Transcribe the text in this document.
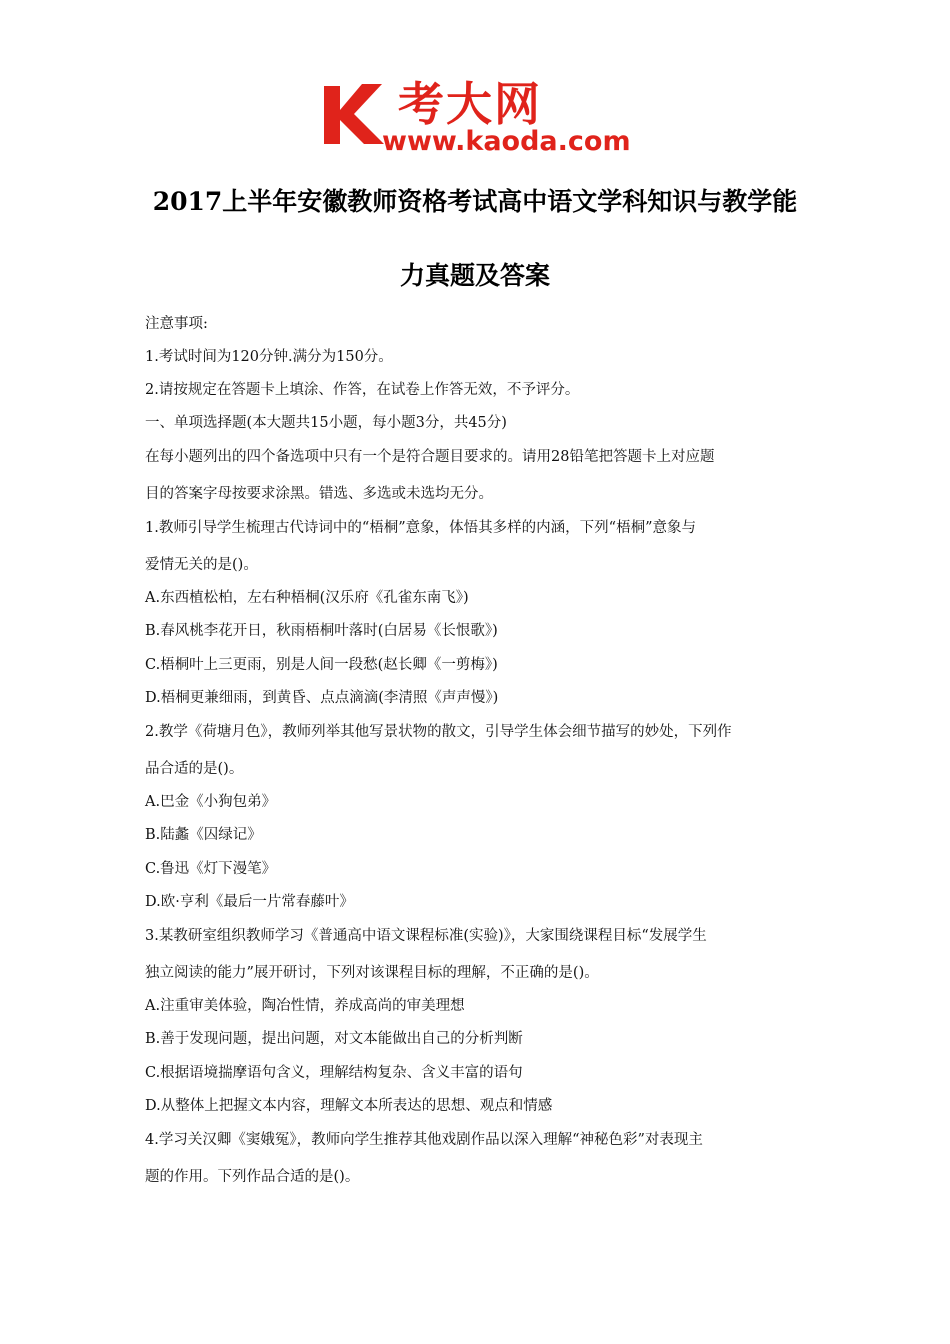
考大网
www.kaoda.com
2017上半年安徽教师资格考试高中语文学科知识与教学能
力真题及答案
注意事项:
1.考试时间为120分钟.满分为150分。
2.请按规定在答题卡上填涂、作答，在试卷上作答无效，不予评分。
一、单项选择题(本大题共15小题，每小题3分，共45分)
在每小题列出的四个备选项中只有一个是符合题目要求的。请用28铅笔把答题卡上对应题
目的答案字母按要求涂黑。错选、多选或未选均无分。
1.教师引导学生梳理古代诗词中的“梧桐”意象，体悟其多样的内涵，下列“梧桐”意象与
爱情无关的是()。
A.东西植松柏，左右种梧桐(汉乐府《孔雀东南飞》)
B.春风桃李花开日，秋雨梧桐叶落时(白居易《长恨歌》)
C.梧桐叶上三更雨，别是人间一段愁(赵长卿《一剪梅》)
D.梧桐更兼细雨，到黄昏、点点滴滴(李清照《声声慢》)
2.教学《荷塘月色》，教师列举其他写景状物的散文，引导学生体会细节描写的妙处，下列作
品合适的是()。
A.巴金《小狗包弟》
B.陆蠡《囚绿记》
C.鲁迅《灯下漫笔》
D.欧·亨利《最后一片常春藤叶》
3.某教研室组织教师学习《普通高中语文课程标准(实验)》，大家围绕课程目标“发展学生
独立阅读的能力”展开研讨，下列对该课程目标的理解，不正确的是()。
A.注重审美体验，陶冶性情，养成高尚的审美理想
B.善于发现问题，提出问题，对文本能做出自己的分析判断
C.根据语境揣摩语句含义，理解结构复杂、含义丰富的语句
D.从整体上把握文本内容，理解文本所表达的思想、观点和情感
4.学习关汉卿《窦娥冤》，教师向学生推荐其他戏剧作品以深入理解“神秘色彩”对表现主
题的作用。下列作品合适的是()。
